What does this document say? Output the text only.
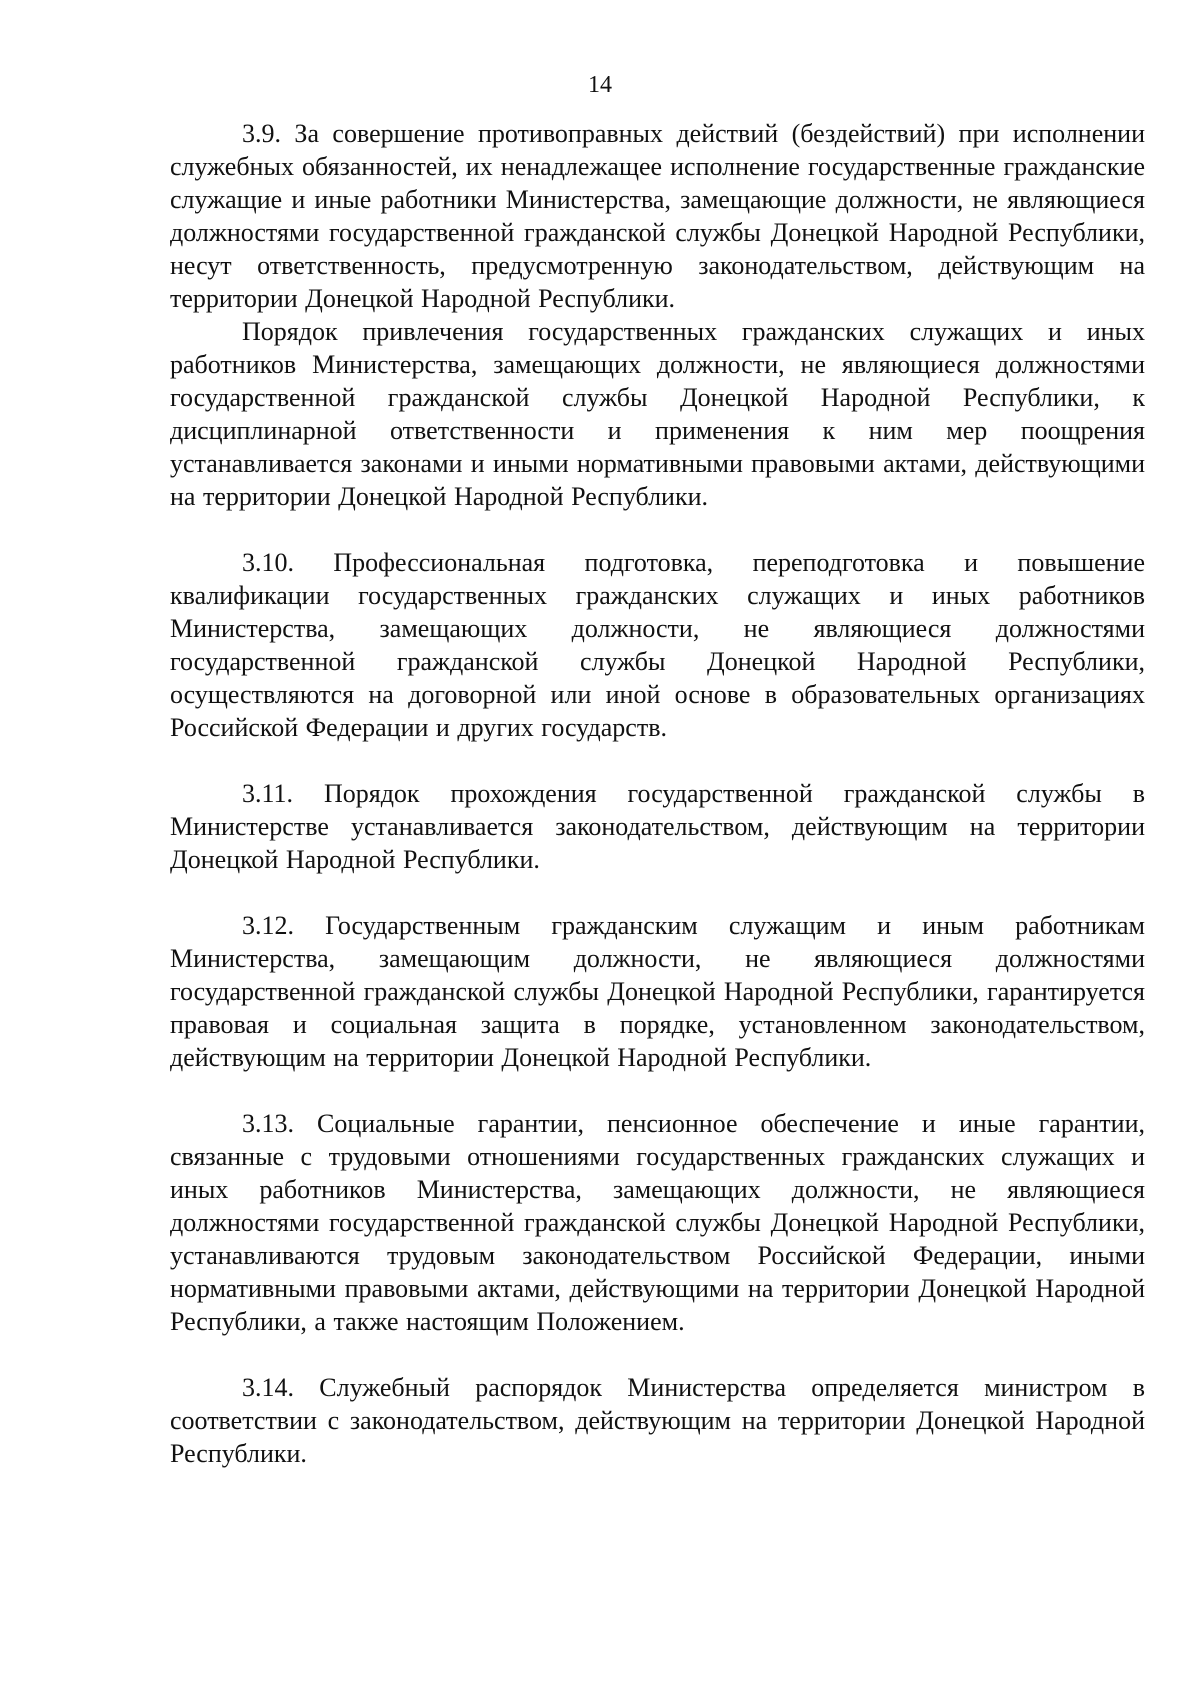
14

3.9. За совершение противоправных действий (бездействий) при исполнении служебных обязанностей, их ненадлежащее исполнение государственные гражданские служащие и иные работники Министерства, замещающие должности, не являющиеся должностями государственной гражданской службы Донецкой Народной Республики, несут ответственность, предусмотренную законодательством, действующим на территории Донецкой Народной Республики.

Порядок привлечения государственных гражданских служащих и иных работников Министерства, замещающих должности, не являющиеся должностями государственной гражданской службы Донецкой Народной Республики, к дисциплинарной ответственности и применения к ним мер поощрения устанавливается законами и иными нормативными правовыми актами, действующими на территории Донецкой Народной Республики.

3.10. Профессиональная подготовка, переподготовка и повышение квалификации государственных гражданских служащих и иных работников Министерства, замещающих должности, не являющиеся должностями государственной гражданской службы Донецкой Народной Республики, осуществляются на договорной или иной основе в образовательных организациях Российской Федерации и других государств.

3.11. Порядок прохождения государственной гражданской службы в Министерстве устанавливается законодательством, действующим на территории Донецкой Народной Республики.

3.12. Государственным гражданским служащим и иным работникам Министерства, замещающим должности, не являющиеся должностями государственной гражданской службы Донецкой Народной Республики, гарантируется правовая и социальная защита в порядке, установленном законодательством, действующим на территории Донецкой Народной Республики.

3.13. Социальные гарантии, пенсионное обеспечение и иные гарантии, связанные с трудовыми отношениями государственных гражданских служащих и иных работников Министерства, замещающих должности, не являющиеся должностями государственной гражданской службы Донецкой Народной Республики, устанавливаются трудовым законодательством Российской Федерации, иными нормативными правовыми актами, действующими на территории Донецкой Народной Республики, а также настоящим Положением.

3.14. Служебный распорядок Министерства определяется министром в соответствии с законодательством, действующим на территории Донецкой Народной Республики.
